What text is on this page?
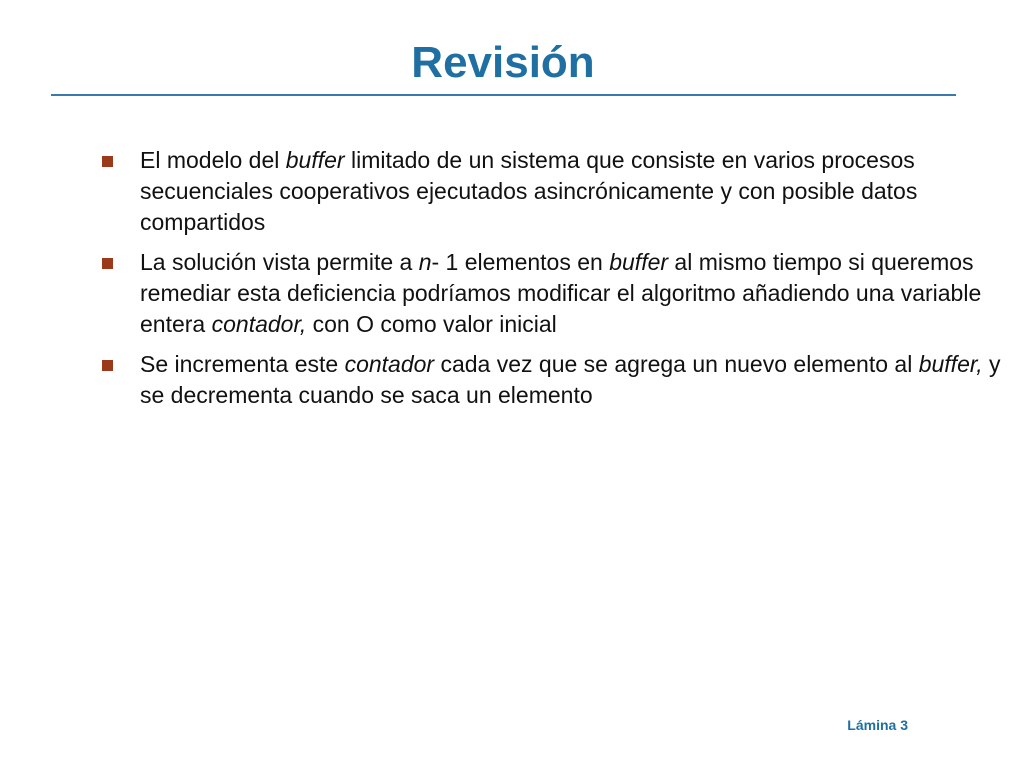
Revisión
El modelo del buffer limitado de un sistema que consiste en varios procesos secuenciales cooperativos ejecutados asincrónicamente y con posible datos compartidos
La solución vista permite a n- 1 elementos en buffer al mismo tiempo si queremos remediar esta deficiencia podríamos modificar el algoritmo añadiendo una variable entera contador, con O como valor inicial
Se incrementa este contador cada vez que se agrega un nuevo elemento al buffer, y se decrementa cuando se saca un elemento
Lámina 3
